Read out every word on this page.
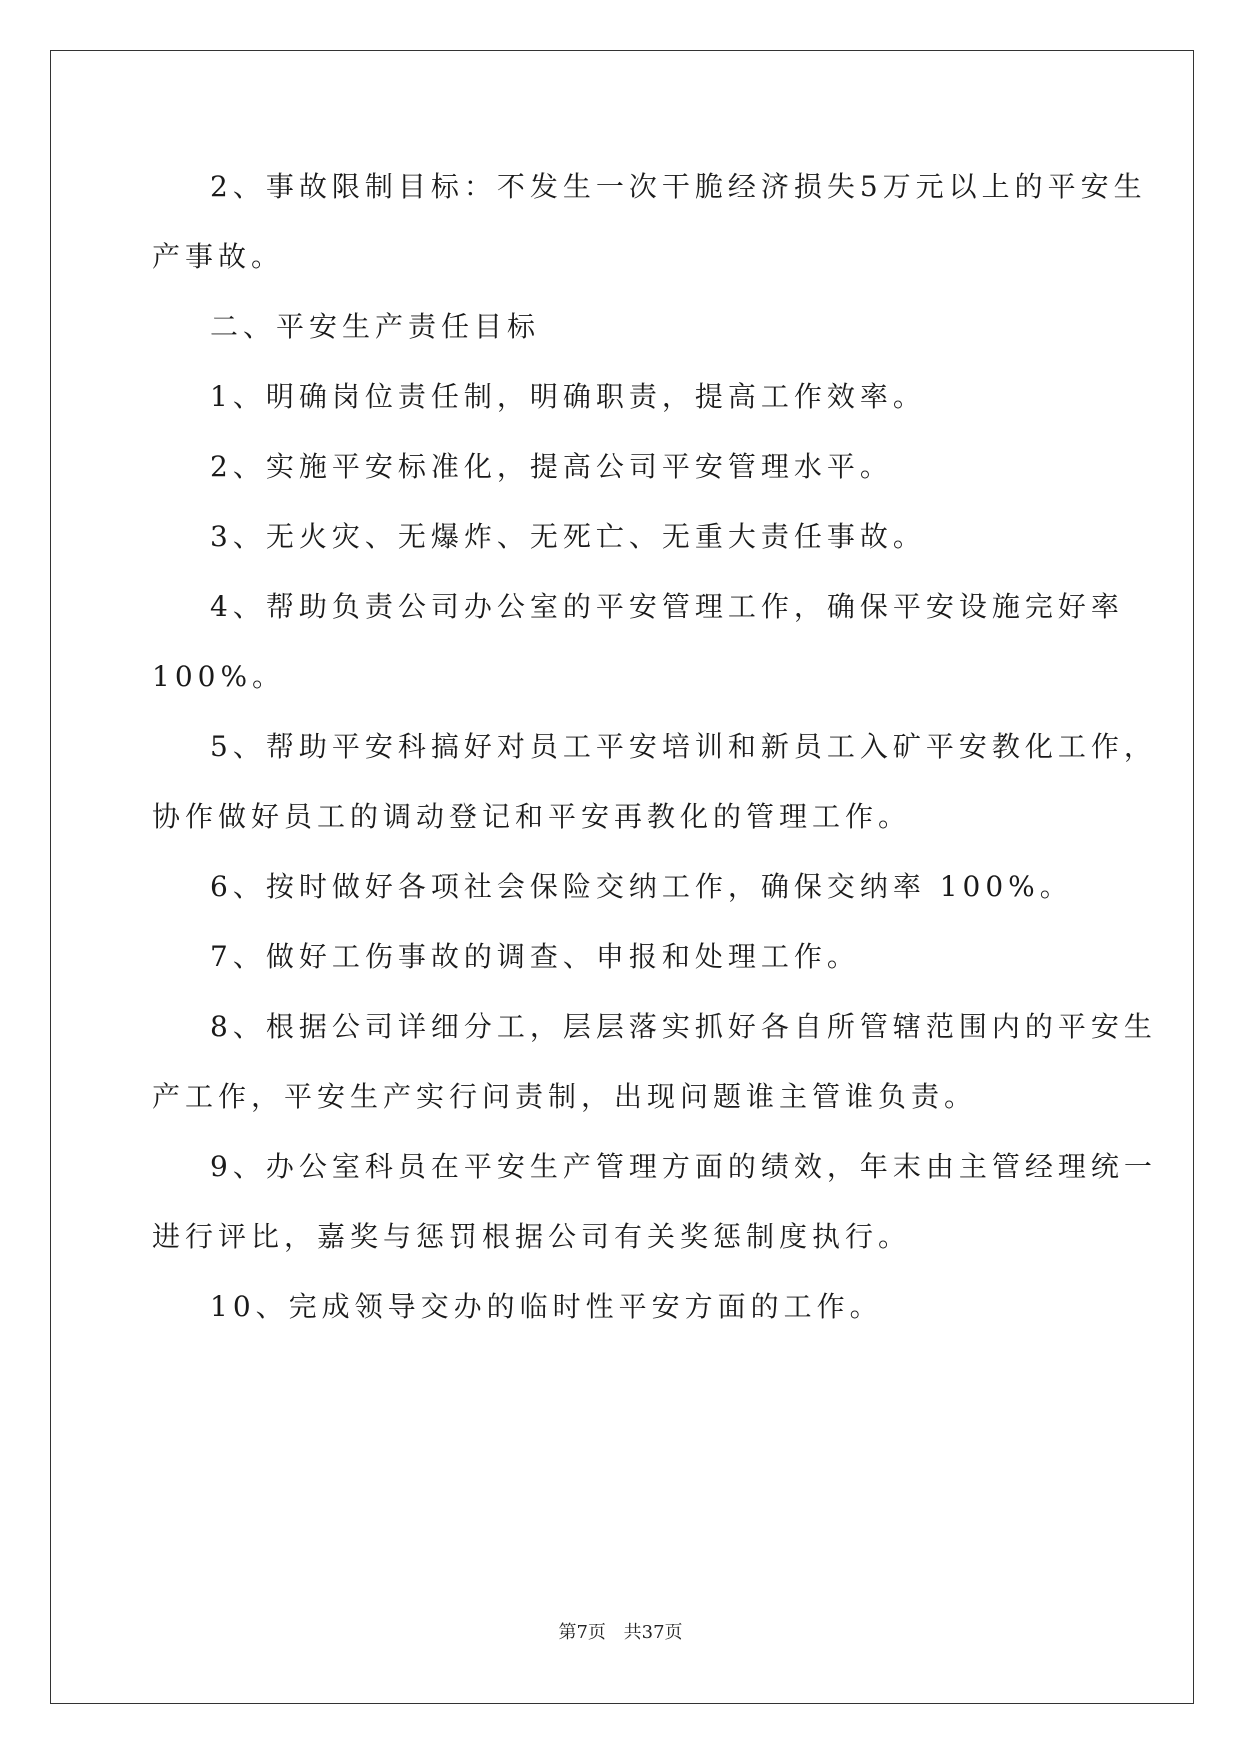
2、事故限制目标：不发生一次干脆经济损失5万元以上的平安生

产事故。

二、平安生产责任目标

1、明确岗位责任制，明确职责，提高工作效率。

2、实施平安标准化，提高公司平安管理水平。

3、无火灾、无爆炸、无死亡、无重大责任事故。

4、帮助负责公司办公室的平安管理工作，确保平安设施完好率

100%。

5、帮助平安科搞好对员工平安培训和新员工入矿平安教化工作，

协作做好员工的调动登记和平安再教化的管理工作。

6、按时做好各项社会保险交纳工作，确保交纳率 100%。

7、做好工伤事故的调查、申报和处理工作。

8、根据公司详细分工，层层落实抓好各自所管辖范围内的平安生

产工作，平安生产实行问责制，出现问题谁主管谁负责。

9、办公室科员在平安生产管理方面的绩效，年末由主管经理统一

进行评比，嘉奖与惩罚根据公司有关奖惩制度执行。

10、完成领导交办的临时性平安方面的工作。

第7页 共37页
